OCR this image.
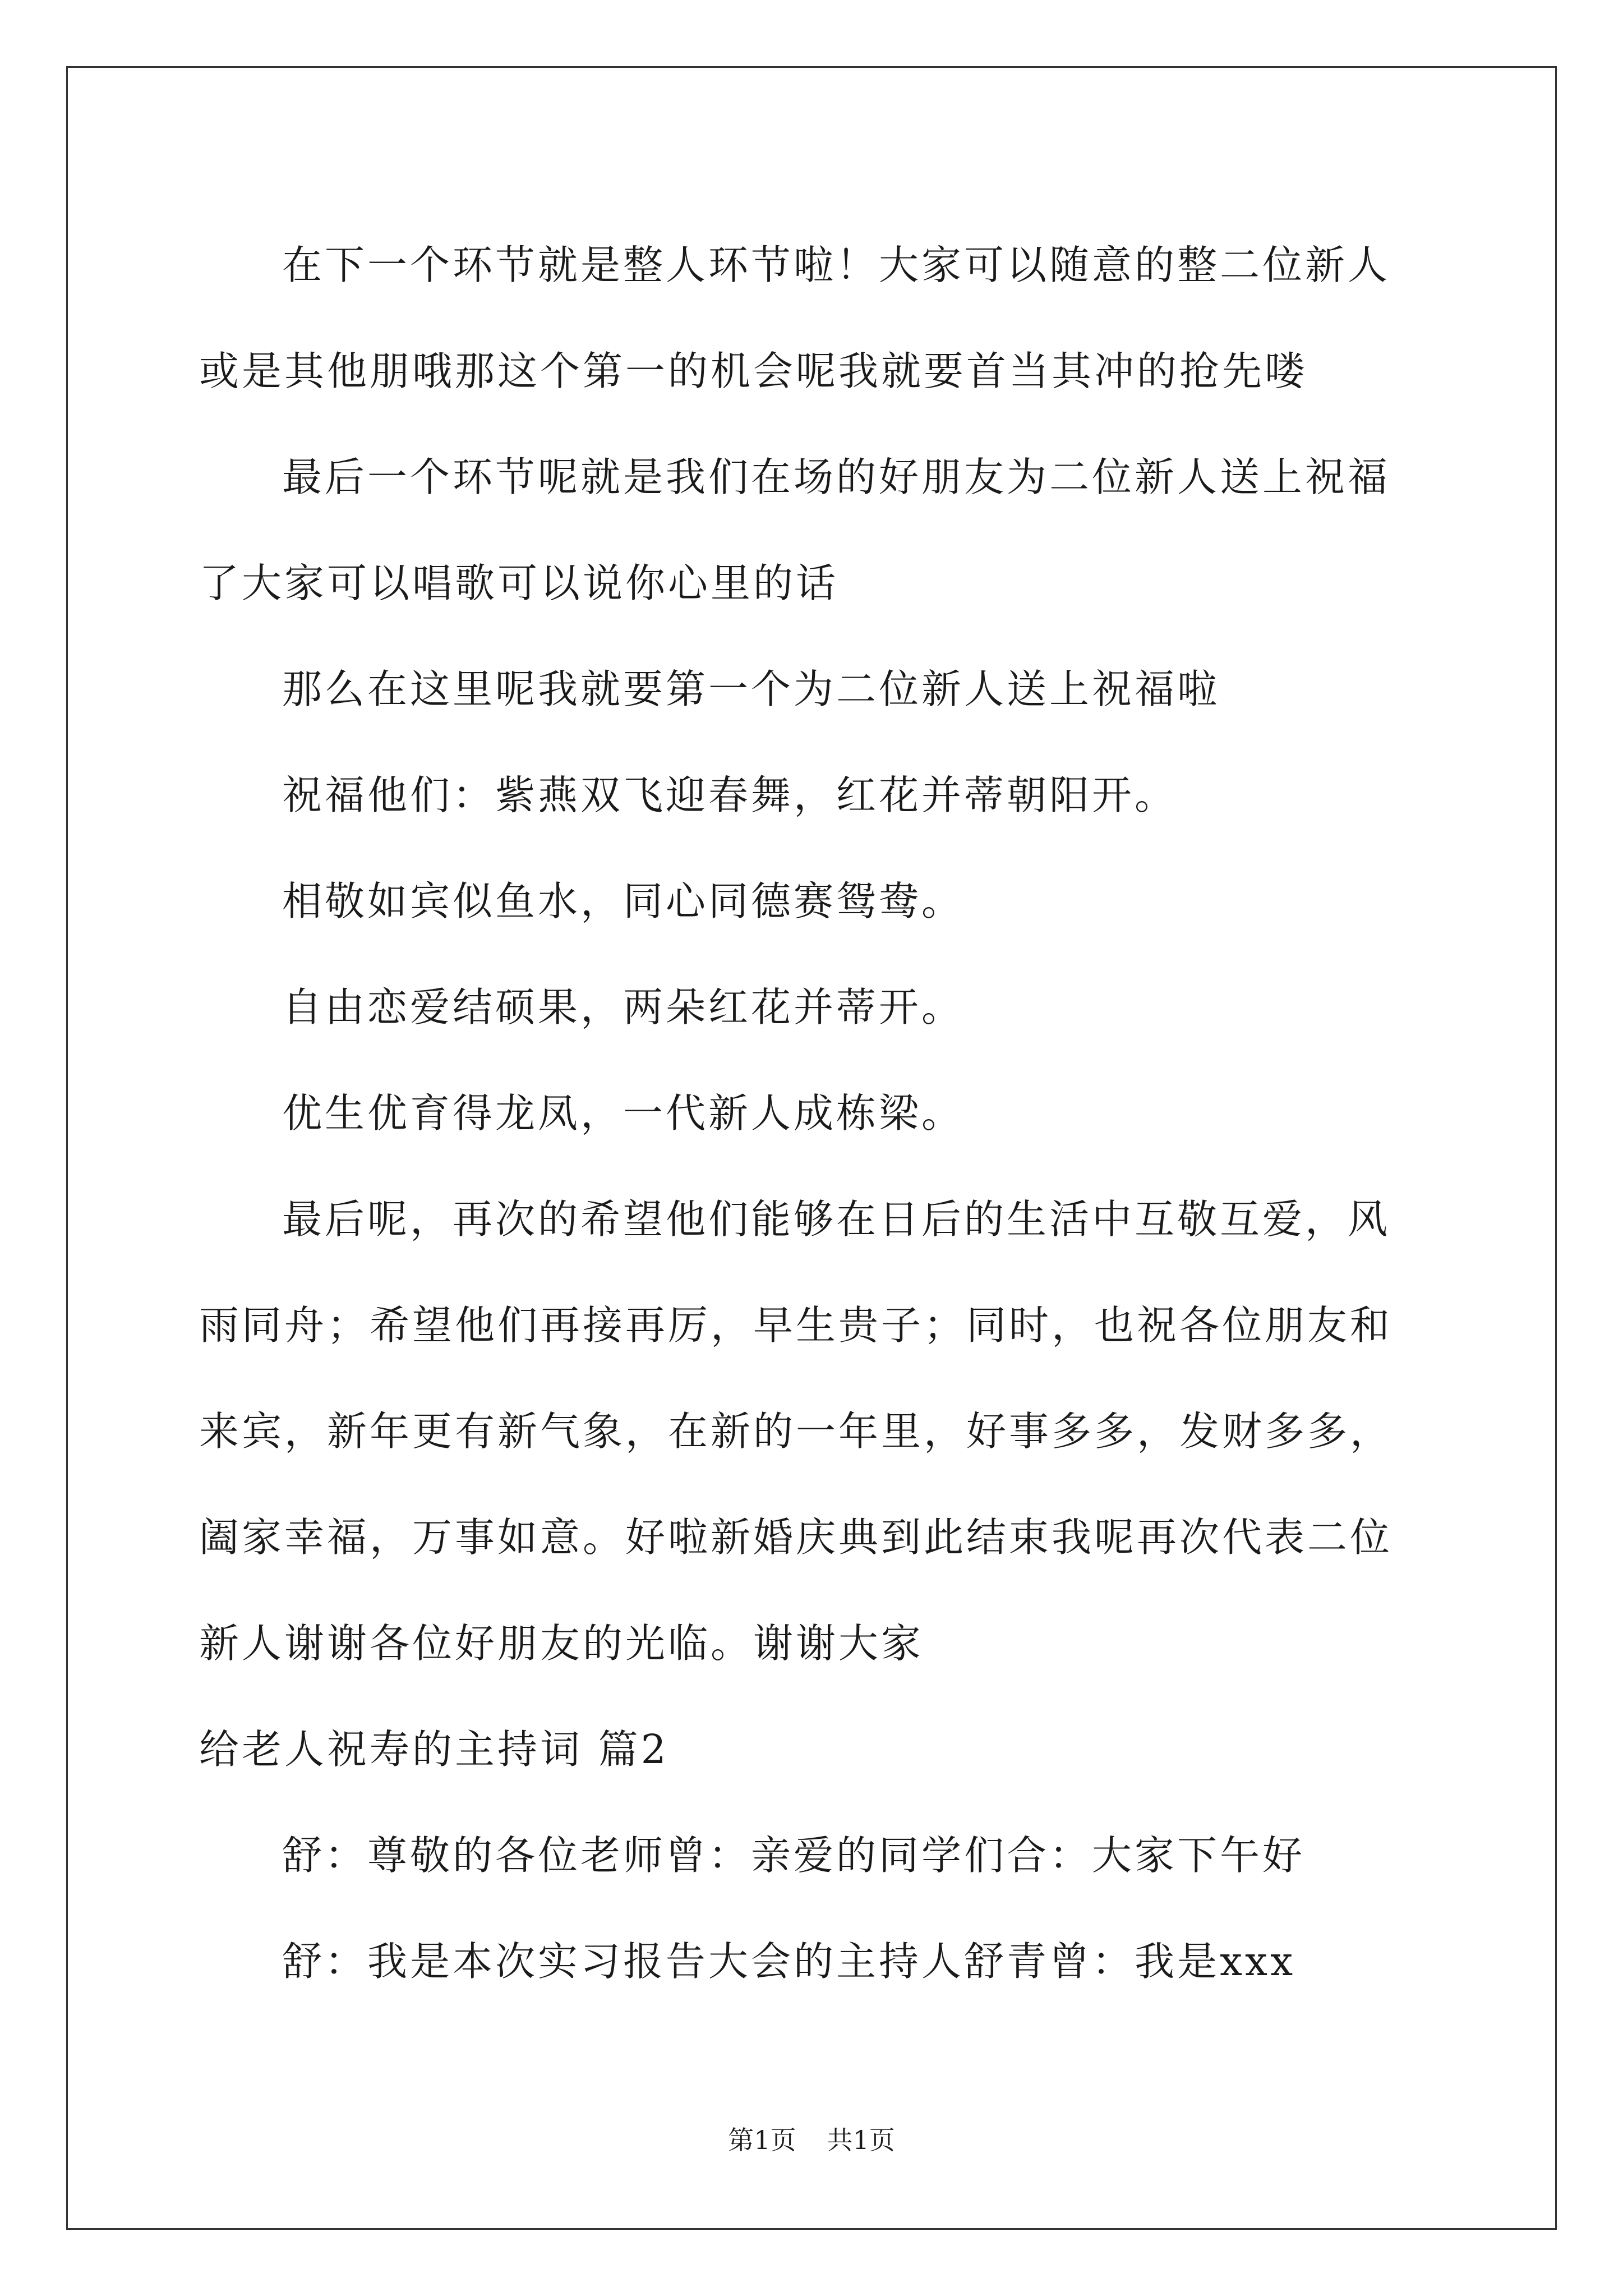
在下一个环节就是整人环节啦！大家可以随意的整二位新人或是其他朋哦那这个第一的机会呢我就要首当其冲的抢先喽

最后一个环节呢就是我们在场的好朋友为二位新人送上祝福了大家可以唱歌可以说你心里的话

那么在这里呢我就要第一个为二位新人送上祝福啦

祝福他们：紫燕双飞迎春舞，红花并蒂朝阳开。

相敬如宾似鱼水，同心同德赛鸳鸯。

自由恋爱结硕果，两朵红花并蒂开。

优生优育得龙凤，一代新人成栋梁。

最后呢，再次的希望他们能够在日后的生活中互敬互爱，风雨同舟；希望他们再接再厉，早生贵子；同时，也祝各位朋友和来宾，新年更有新气象，在新的一年里，好事多多，发财多多，阖家幸福，万事如意。好啦新婚庆典到此结束我呢再次代表二位新人谢谢各位好朋友的光临。谢谢大家

给老人祝寿的主持词 篇2

舒：尊敬的各位老师曾：亲爱的同学们合：大家下午好

舒：我是本次实习报告大会的主持人舒青曾：我是xxx

第1页 共1页
